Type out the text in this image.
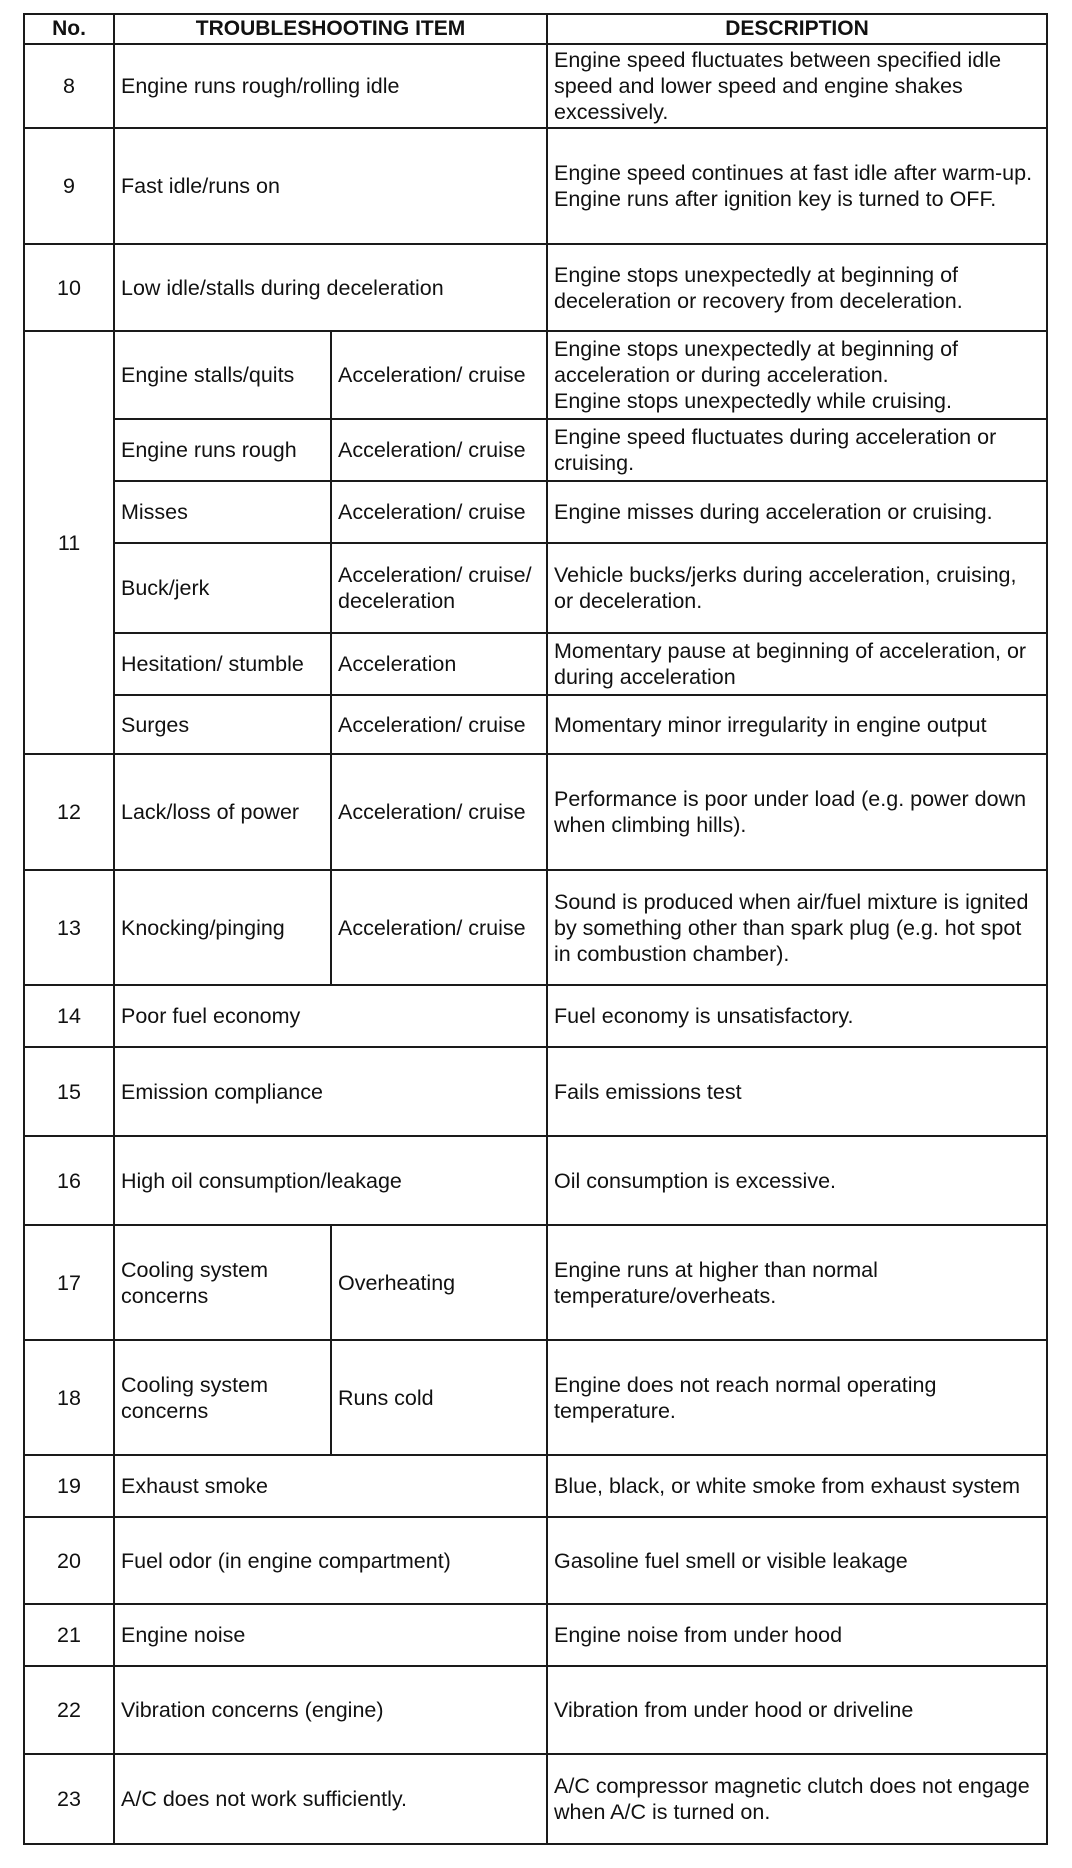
No.	TROUBLESHOOTING ITEM		DESCRIPTION
8	Engine runs rough/rolling idle		Engine speed fluctuates between specified idle speed and lower speed and engine shakes excessively.
9	Fast idle/runs on		Engine speed continues at fast idle after warm-up.
Engine runs after ignition key is turned to OFF.

10	Low idle/stalls during deceleration		Engine stops unexpectedly at beginning of deceleration or recovery from deceleration.
11	Engine stalls/quits	Acceleration/ cruise	Engine stops unexpectedly at beginning of acceleration or during acceleration.
Engine stops unexpectedly while cruising.

	Engine runs rough	Acceleration/ cruise	Engine speed fluctuates during acceleration or cruising.
	Misses	Acceleration/ cruise	Engine misses during acceleration or cruising.
	Buck/jerk	Acceleration/ cruise/ deceleration	Vehicle bucks/jerks during acceleration, cruising, or deceleration.
	Hesitation/ stumble	Acceleration	Momentary pause at beginning of acceleration, or during acceleration
	Surges	Acceleration/ cruise	Momentary minor irregularity in engine output
12	Lack/loss of power	Acceleration/ cruise	Performance is poor under load (e.g. power down when climbing hills).
13	Knocking/pinging	Acceleration/ cruise	Sound is produced when air/fuel mixture is ignited by something other than spark plug (e.g. hot spot in combustion chamber).
14	Poor fuel economy		Fuel economy is unsatisfactory.
15	Emission compliance		Fails emissions test
16	High oil consumption/leakage		Oil consumption is excessive.
17	Cooling system concerns	Overheating	Engine runs at higher than normal temperature/overheats.
18	Cooling system concerns	Runs cold	Engine does not reach normal operating temperature.
19	Exhaust smoke		Blue, black, or white smoke from exhaust system
20	Fuel odor (in engine compartment)		Gasoline fuel smell or visible leakage
21	Engine noise		Engine noise from under hood
22	Vibration concerns (engine)		Vibration from under hood or driveline
23	A/C does not work sufficiently.		A/C compressor magnetic clutch does not engage when A/C is turned on.
